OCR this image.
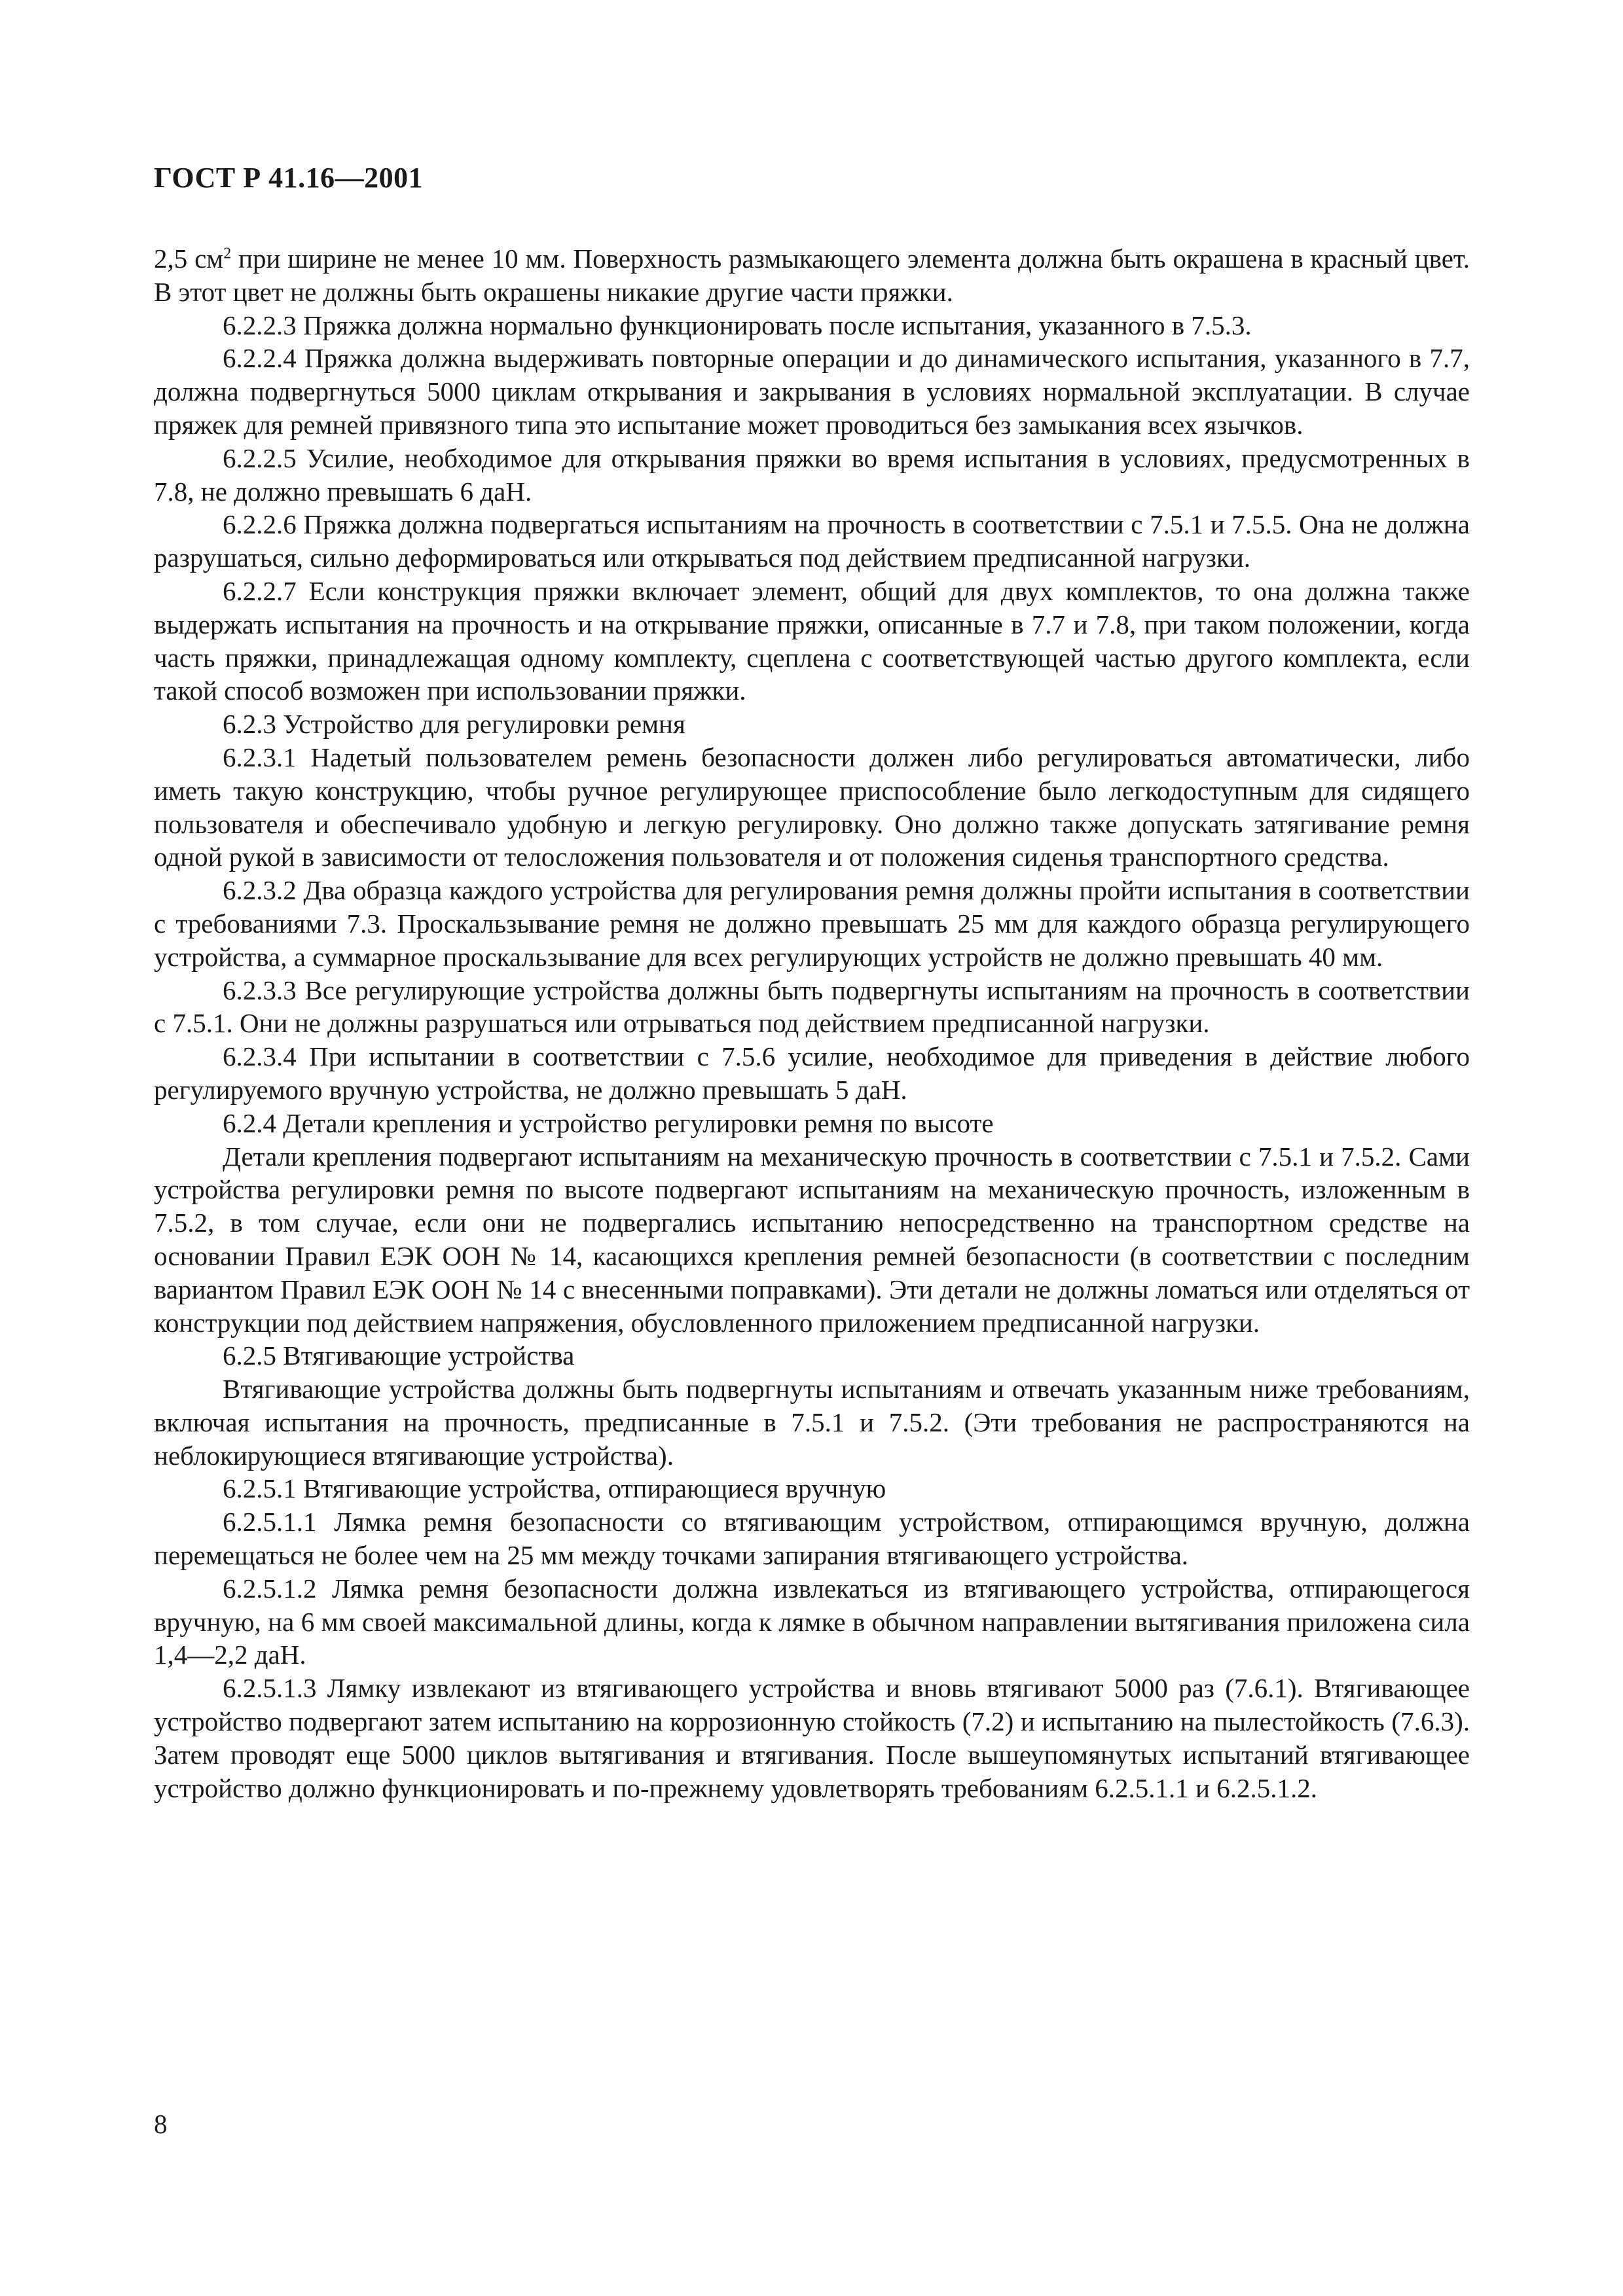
ГОСТ Р 41.16—2001

2,5 $см^2$ при ширине не менее 10 мм. Поверхность размыкающего элемента должна быть окрашена в красный цвет. В этот цвет не должны быть окрашены никакие другие части пряжки.

6.2.2.3 Пряжка должна нормально функционировать после испытания, указанного в 7.5.3.

6.2.2.4 Пряжка должна выдерживать повторные операции и до динамического испытания, указанного в 7.7, должна подвергнуться 5000 циклам открывания и закрывания в условиях нормальной эксплуатации. В случае пряжек для ремней привязного типа это испытание может проводиться без замыкания всех язычков.

6.2.2.5 Усилие, необходимое для открывания пряжки во время испытания в условиях, предусмотренных в 7.8, не должно превышать 6 даН.

6.2.2.6 Пряжка должна подвергаться испытаниям на прочность в соответствии с 7.5.1 и 7.5.5. Она не должна разрушаться, сильно деформироваться или открываться под действием предписанной нагрузки.

6.2.2.7 Если конструкция пряжки включает элемент, общий для двух комплектов, то она должна также выдержать испытания на прочность и на открывание пряжки, описанные в 7.7 и 7.8, при таком положении, когда часть пряжки, принадлежащая одному комплекту, сцеплена с соответствующей частью другого комплекта, если такой способ возможен при использовании пряжки.

6.2.3 Устройство для регулировки ремня

6.2.3.1 Надетый пользователем ремень безопасности должен либо регулироваться автоматически, либо иметь такую конструкцию, чтобы ручное регулирующее приспособление было легкодоступным для сидящего пользователя и обеспечивало удобную и легкую регулировку. Оно должно также допускать затягивание ремня одной рукой в зависимости от телосложения пользователя и от положения сиденья транспортного средства.

6.2.3.2 Два образца каждого устройства для регулирования ремня должны пройти испытания в соответствии с требованиями 7.3. Проскальзывание ремня не должно превышать 25 мм для каждого образца регулирующего устройства, а суммарное проскальзывание для всех регулирующих устройств не должно превышать 40 мм.

6.2.3.3 Все регулирующие устройства должны быть подвергнуты испытаниям на прочность в соответствии с 7.5.1. Они не должны разрушаться или отрываться под действием предписанной нагрузки.

6.2.3.4 При испытании в соответствии с 7.5.6 усилие, необходимое для приведения в действие любого регулируемого вручную устройства, не должно превышать 5 даН.

6.2.4 Детали крепления и устройство регулировки ремня по высоте

Детали крепления подвергают испытаниям на механическую прочность в соответствии с 7.5.1 и 7.5.2. Сами устройства регулировки ремня по высоте подвергают испытаниям на механическую прочность, изложенным в 7.5.2, в том случае, если они не подвергались испытанию непосредственно на транспортном средстве на основании Правил ЕЭК ООН № 14, касающихся крепления ремней безопасности (в соответствии с последним вариантом Правил ЕЭК ООН № 14 с внесенными поправками). Эти детали не должны ломаться или отделяться от конструкции под действием напряжения, обусловленного приложением предписанной нагрузки.

6.2.5 Втягивающие устройства

Втягивающие устройства должны быть подвергнуты испытаниям и отвечать указанным ниже требованиям, включая испытания на прочность, предписанные в 7.5.1 и 7.5.2. (Эти требования не распространяются на неблокирующиеся втягивающие устройства).

6.2.5.1 Втягивающие устройства, отпирающиеся вручную

6.2.5.1.1 Лямка ремня безопасности со втягивающим устройством, отпирающимся вручную, должна перемещаться не более чем на 25 мм между точками запирания втягивающего устройства.

6.2.5.1.2 Лямка ремня безопасности должна извлекаться из втягивающего устройства, отпирающегося вручную, на 6 мм своей максимальной длины, когда к лямке в обычном направлении вытягивания приложена сила 1,4—2,2 даН.

6.2.5.1.3 Лямку извлекают из втягивающего устройства и вновь втягивают 5000 раз (7.6.1). Втягивающее устройство подвергают затем испытанию на коррозионную стойкость (7.2) и испытанию на пылестойкость (7.6.3). Затем проводят еще 5000 циклов вытягивания и втягивания. После вышеупомянутых испытаний втягивающее устройство должно функционировать и по-прежнему удовлетворять требованиям 6.2.5.1.1 и 6.2.5.1.2.

8
